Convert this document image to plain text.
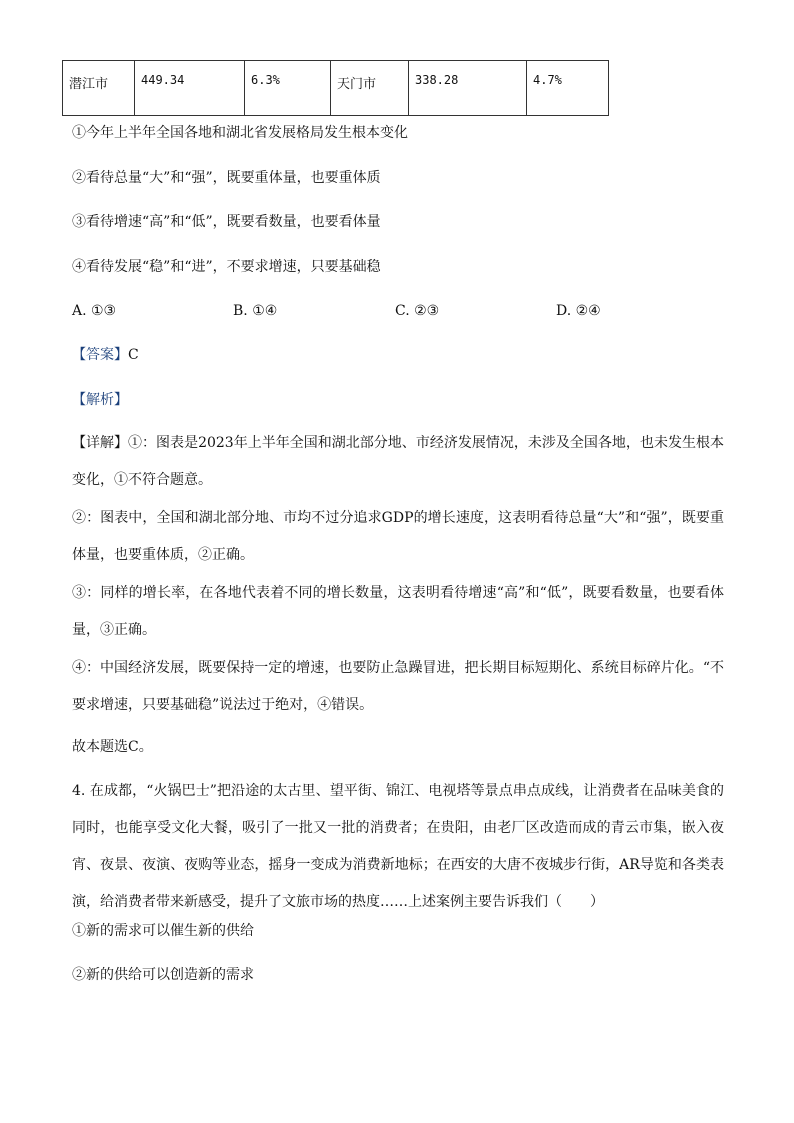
潜江市	449.34	6.3%	天门市	338.28	4.7%
①今年上半年全国各地和湖北省发展格局发生根本变化
②看待总量“大”和“强”，既要重体量，也要重体质
③看待增速“高”和“低”，既要看数量，也要看体量
④看待发展“稳”和“进”，不要求增速，只要基础稳
A. ①③	B. ①④	C. ②③	D. ②④
【答案】C
【解析】
【详解】①：图表是2023年上半年全国和湖北部分地、市经济发展情况，未涉及全国各地，也未发生根本变化，①不符合题意。
②：图表中，全国和湖北部分地、市均不过分追求GDP的增长速度，这表明看待总量“大”和“强”，既要重体量，也要重体质，②正确。
③：同样的增长率，在各地代表着不同的增长数量，这表明看待增速“高”和“低”，既要看数量，也要看体量，③正确。
④：中国经济发展，既要保持一定的增速，也要防止急躁冒进，把长期目标短期化、系统目标碎片化。“不要求增速，只要基础稳”说法过于绝对，④错误。
故本题选C。
4. 在成都，“火锅巴士”把沿途的太古里、望平街、锦江、电视塔等景点串点成线，让消费者在品味美食的同时，也能享受文化大餐，吸引了一批又一批的消费者；在贵阳，由老厂区改造而成的青云市集，嵌入夜宵、夜景、夜演、夜购等业态，摇身一变成为消费新地标；在西安的大唐不夜城步行街，AR导览和各类表演，给消费者带来新感受，提升了文旅市场的热度……上述案例主要告诉我们（　　）
①新的需求可以催生新的供给
②新的供给可以创造新的需求
